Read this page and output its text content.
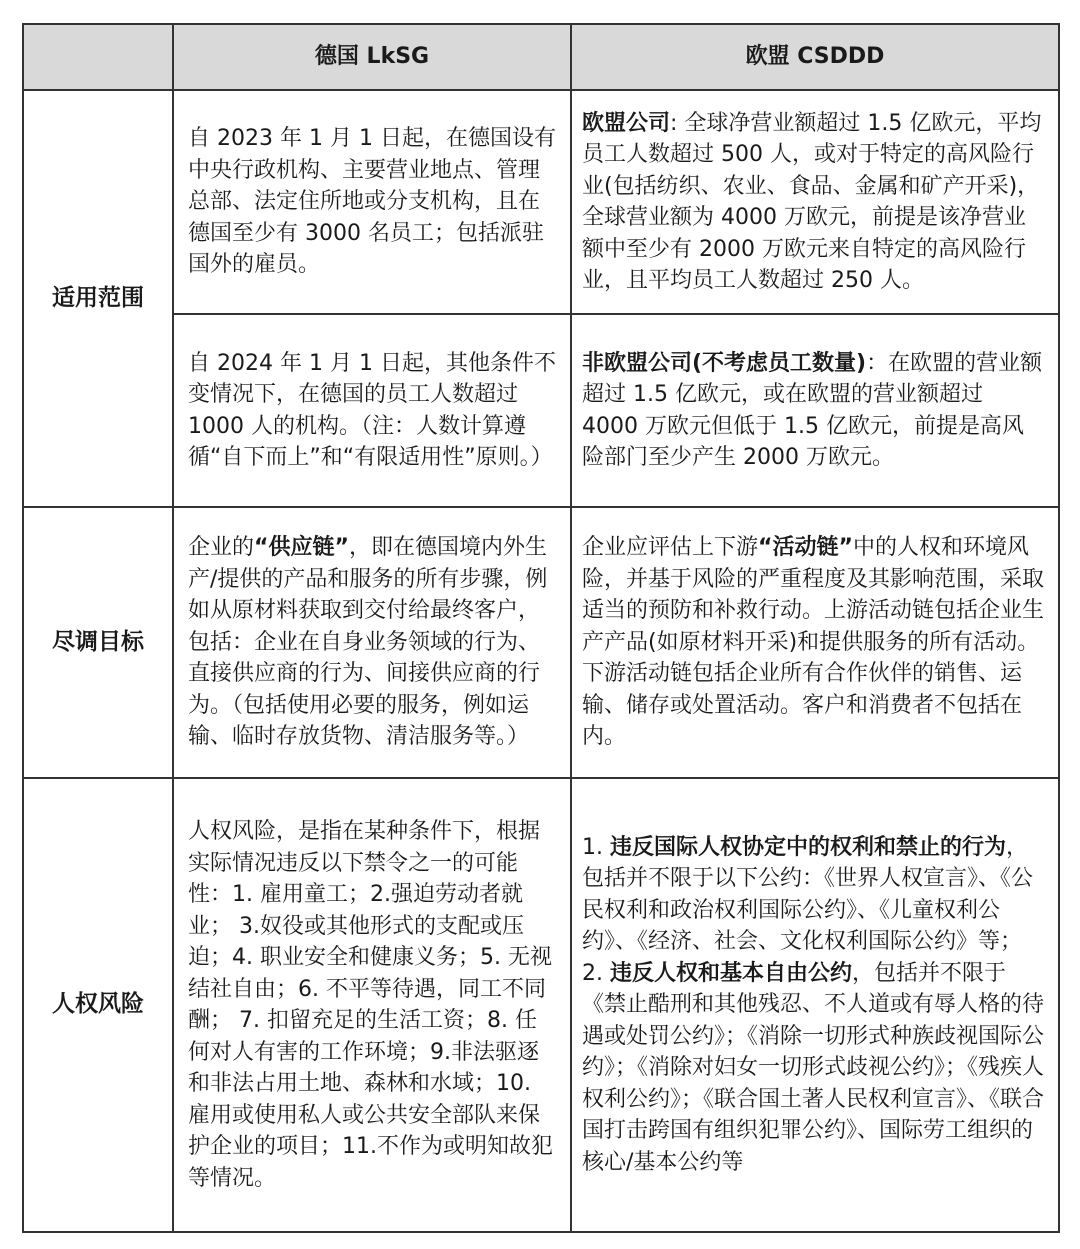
	德国 LkSG	欧盟 CSDDD
适用范围	自 2023 年 1 月 1 日起，在德国设有中央行政机构、主要营业地点、管理总部、法定住所地或分支机构，且在德国至少有 3000 名员工；包括派驻国外的雇员。	欧盟公司: 全球净营业额超过 1.5 亿欧元，平均员工人数超过 500 人，或对于特定的高风险行业(包括纺织、农业、食品、金属和矿产开采)，全球营业额为 4000 万欧元，前提是该净营业额中至少有 2000 万欧元来自特定的高风险行业，且平均员工人数超过 250 人。
	自 2024 年 1 月 1 日起，其他条件不变情况下，在德国的员工人数超过 1000 人的机构。（注：人数计算遵循“自下而上”和“有限适用性”原则。）	非欧盟公司(不考虑员工数量)：在欧盟的营业额超过 1.5 亿欧元，或在欧盟的营业额超过 4000 万欧元但低于 1.5 亿欧元，前提是高风险部门至少产生 2000 万欧元。
尽调目标	企业的“供应链”，即在德国境内外生产/提供的产品和服务的所有步骤，例如从原材料获取到交付给最终客户，包括：企业在自身业务领域的行为、直接供应商的行为、间接供应商的行为。（包括使用必要的服务，例如运输、临时存放货物、清洁服务等。）	企业应评估上下游“活动链”中的人权和环境风险，并基于风险的严重程度及其影响范围，采取适当的预防和补救行动。上游活动链包括企业生产产品(如原材料开采)和提供服务的所有活动。下游活动链包括企业所有合作伙伴的销售、运输、储存或处置活动。客户和消费者不包括在内。
人权风险	人权风险，是指在某种条件下，根据实际情况违反以下禁令之一的可能性：1. 雇用童工；2.强迫劳动者就业； 3.奴役或其他形式的支配或压迫；4. 职业安全和健康义务；5. 无视结社自由；6. 不平等待遇，同工不同酬； 7. 扣留充足的生活工资；8. 任何对人有害的工作环境；9.非法驱逐和非法占用土地、森林和水域；10. 雇用或使用私人或公共安全部队来保护企业的项目；11.不作为或明知故犯等情况。	1. 违反国际人权协定中的权利和禁止的行为，包括并不限于以下公约：《世界人权宣言》、《公民权利和政治权利国际公约》、《儿童权利公约》、《经济、社会、文化权利国际公约》等；
2. 违反人权和基本自由公约，包括并不限于《禁止酷刑和其他残忍、不人道或有辱人格的待遇或处罚公约》；《消除一切形式种族歧视国际公约》；《消除对妇女一切形式歧视公约》；《残疾人权利公约》；《联合国土著人民权利宣言》、《联合国打击跨国有组织犯罪公约》、国际劳工组织的核心/基本公约等
